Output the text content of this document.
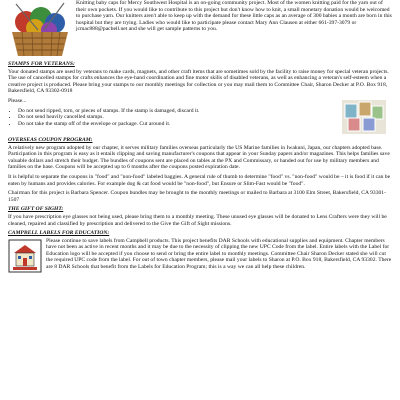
Knitting baby caps for Mercy Southwest Hospital is an on-going community project. Most of the women knitting paid for the yarn out of their own pockets. If you would like to contribute to this project but don't know how to knit, a small monetary donation would be welcomed to purchase yarn. Our knitters aren't able to keep up with the demand for these little caps as an average of 300 babies a month are born in this hospital but they are trying. Ladies who would like to participate please contact Mary Ann Clausen at either 661-397-3079 or jcmac888@pacbell.net and she will get sample patterns to you.

STAMPS FOR VETERANS:

Your donated stamps are used by veterans to make cards, magnets, and other craft items that are sometimes sold by the facility to raise money for special veteran projects. The use of cancelled stamps for crafts enhances the eye-hand coordination and fine motor skills of disabled veterans, as well as enhancing a veteran's self-esteem when a creative project is produced. Please bring your stamps to our monthly meetings for collection or you may mail them to Committee Chair, Sharon Decker at P.O. Box 918, Bakersfield, CA 93302-0918

Please...

• Do not send ripped, torn, or pieces of stamps. If the stamp is damaged, discard it.
• Do not send heavily cancelled stamps.
• Do not take the stamp off of the envelope or package. Cut around it.
OVERSEAS COUPON PROGRAM:

A relatively new program adopted by our chapter, it serves military families overseas particularly the US Marine families in Iwakuni, Japan, our chapters adopted base. Participation in this program is easy as it entails clipping and saving manufacturer's coupons that appear in your Sunday papers and/or magazines. This helps families save valuable dollars and stretch their budget. The bundles of coupons sent are placed on tables at the PX and Commissary, or handed out for use by military members and families on the base. Coupons will be accepted up to 6 months after the coupons posted expiration date.

It is helpful to separate the coupons in "food" and "non-food" labeled baggies. A general rule of thumb to determine "food" vs. "non-food" would be – it is food if it can be eaten by humans and provides calories. For example dog & cat food would be "non-food", but Ensure or Slim-Fast would be "food".

Chairman for this project is Barbara Spencer. Coupon bundles may be brought to the monthly meetings or mailed to Barbara at 3100 Elm Street, Bakersfield, CA 93301-1507

THE GIFT OF SIGHT:

If you have prescription eye glasses not being used, please bring them to a monthly meeting. These unused eye glasses will be donated to Lens Crafters were they will be cleaned, repaired and classified by prescription and delivered to the Give the Gift of Sight missions.

CAMPBELL LABELS FOR EDUCATION:

Please continue to save labels from Campbell products. This project benefits DAR Schools with educational supplies and equipment. Chapter members have not been as active in recent months and it may be due to the necessity of clipping the new UPC Code from the label. Entire labels with the Label for Education logo will be accepted if you choose to send or bring the entire label to monthly meetings. Committee Chair Sharon Decker stated she will cut the required UPC code from the label. For out of town chapter members, please mail your labels to Sharon at P.O. Box 918, Bakersfield, CA 93302. There are 8 DAR Schools that benefit from the Labels for Education Program; this is a way we can all help these children.
